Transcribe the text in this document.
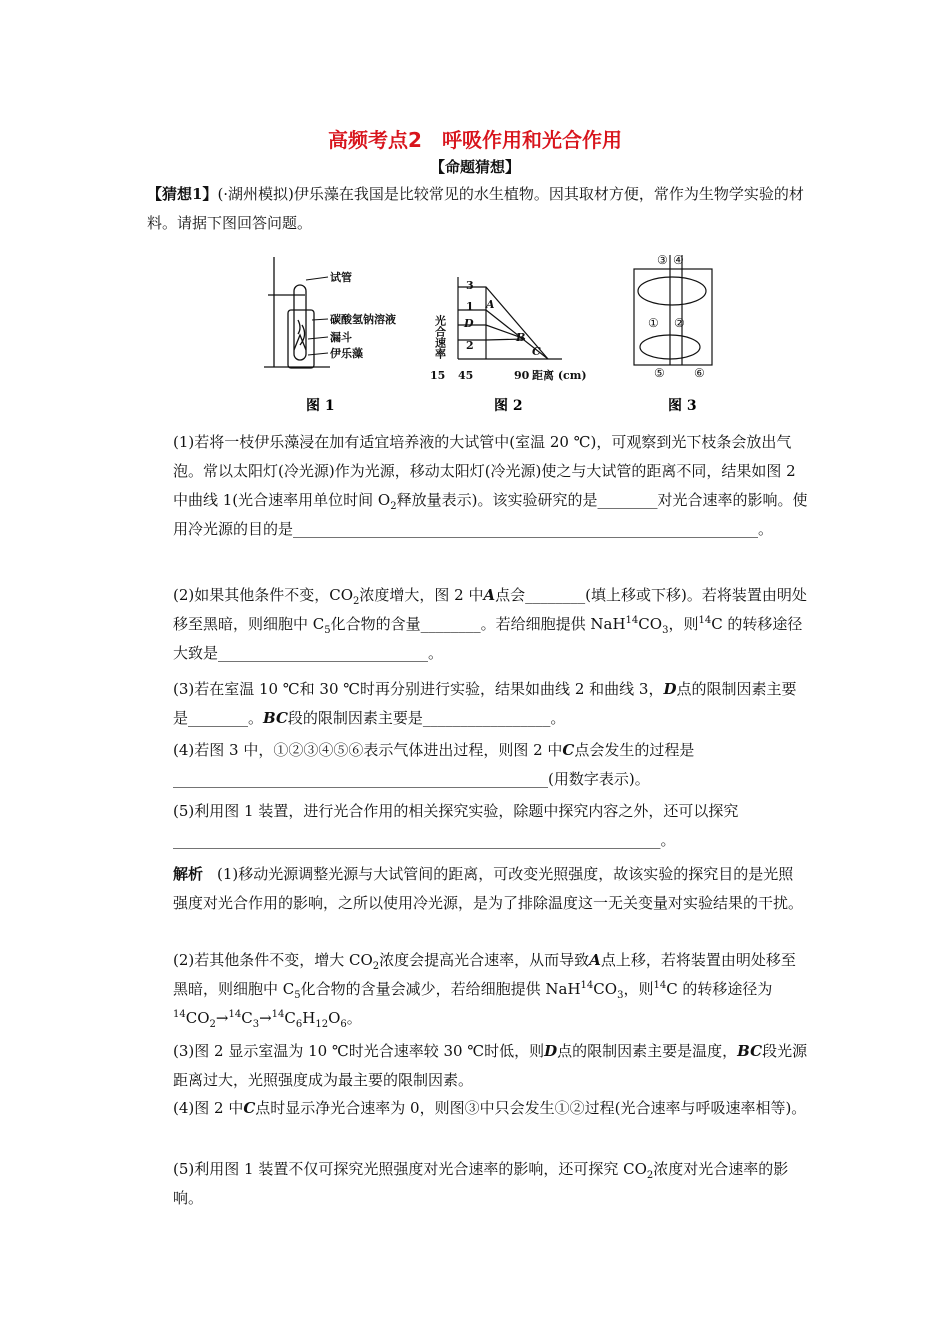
高频考点2　呼吸作用和光合作用
【命题猜想】
【猜想1】(·湖州模拟)伊乐藻在我国是比较常见的水生植物。因其取材方便，常作为生物学实验的材料。请据下图回答问题。
试管
碳酸氢钠溶液
漏斗
伊乐藻
图 1
光合速率
3
1
2
A
D
B
C
15 45	90 距离 (cm)
图 2
③ ④
① ②
⑤ ⑥
图 3
(1)若将一枝伊乐藻浸在加有适宜培养液的大试管中(室温 20 ℃)，可观察到光下枝条会放出气泡。常以太阳灯(冷光源)作为光源，移动太阳灯(冷光源)使之与大试管的距离不同，结果如图 2 中曲线 1(光合速率用单位时间 $O_2$释放量表示)。该实验研究的是________对光合速率的影响。使用冷光源的目的是______________________________________________________________。
(2)如果其他条件不变，$CO_2$浓度增大，图 2 中A点会________(填上移或下移)。若将装置由明处移至黑暗，则细胞中 $C_5$化合物的含量________。若给细胞提供 $NaH^{14}CO_3$，则$^{14}$C 的转移途径大致是____________________________。
(3)若在室温 10 ℃和 30 ℃时再分别进行实验，结果如曲线 2 和曲线 3，D点的限制因素主要是________。BC段的限制因素主要是_________________。
(4)若图 3 中，①②③④⑤⑥表示气体进出过程，则图 2 中C点会发生的过程是__________________________________________________(用数字表示)。
(5)利用图 1 装置，进行光合作用的相关探究实验，除题中探究内容之外，还可以探究_________________________________________________________________。
解析 (1)移动光源调整光源与大试管间的距离，可改变光照强度，故该实验的探究目的是光照强度对光合作用的影响，之所以使用冷光源，是为了排除温度这一无关变量对实验结果的干扰。
(2)若其他条件不变，增大 $CO_2$浓度会提高光合速率，从而导致A点上移，若将装置由明处移至黑暗，则细胞中 $C_5$化合物的含量会减少，若给细胞提供 $NaH^{14}CO_3$，则$^{14}$C 的转移途径为$^{14}CO_2\to^{14}C_3\to^{14}C_6H_{12}O_6$。
(3)图 2 显示室温为 10 ℃时光合速率较 30 ℃时低，则D点的限制因素主要是温度，BC段光源距离过大，光照强度成为最主要的限制因素。
(4)图 2 中C点时显示净光合速率为 0，则图③中只会发生①②过程(光合速率与呼吸速率相等)。
(5)利用图 1 装置不仅可探究光照强度对光合速率的影响，还可探究 $CO_2$浓度对光合速率的影响。
